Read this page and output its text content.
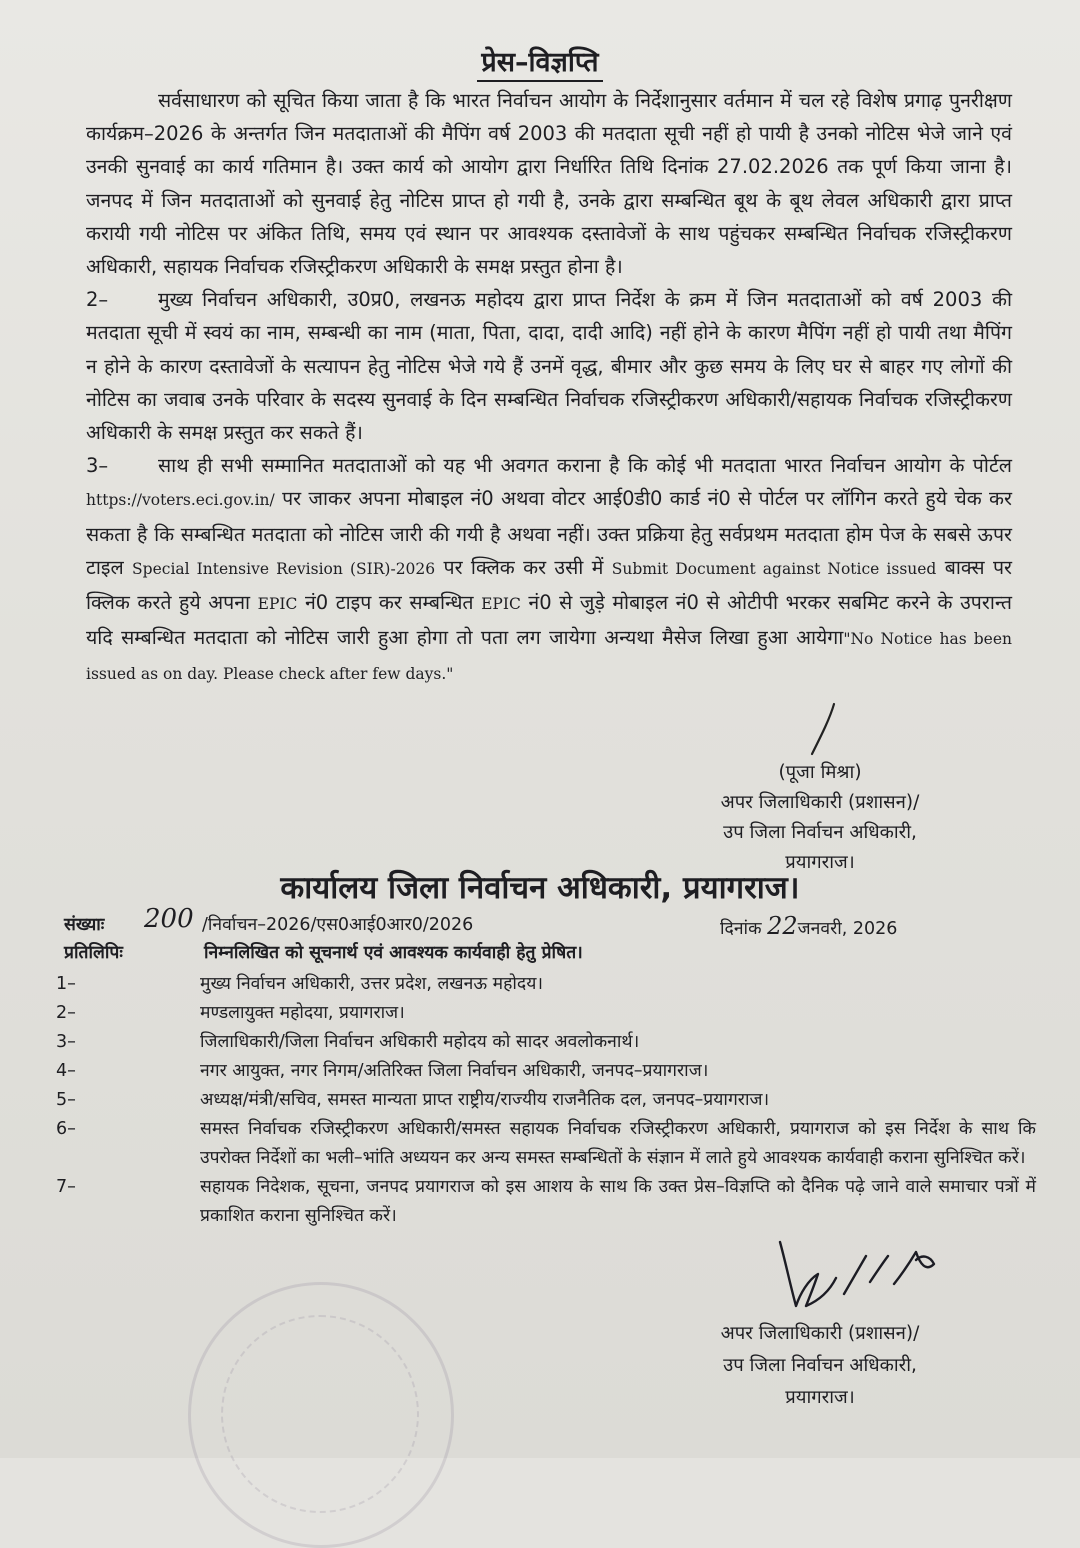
प्रेस–विज्ञप्ति

सर्वसाधारण को सूचित किया जाता है कि भारत निर्वाचन आयोग के निर्देशानुसार वर्तमान में चल रहे विशेष प्रगाढ़ पुनरीक्षण कार्यक्रम–2026 के अन्तर्गत जिन मतदाताओं की मैपिंग वर्ष 2003 की मतदाता सूची नहीं हो पायी है उनको नोटिस भेजे जाने एवं उनकी सुनवाई का कार्य गतिमान है। उक्त कार्य को आयोग द्वारा निर्धारित तिथि दिनांक 27.02.2026 तक पूर्ण किया जाना है। जनपद में जिन मतदाताओं को सुनवाई हेतु नोटिस प्राप्त हो गयी है, उनके द्वारा सम्बन्धित बूथ के बूथ लेवल अधिकारी द्वारा प्राप्त करायी गयी नोटिस पर अंकित तिथि, समय एवं स्थान पर आवश्यक दस्तावेजों के साथ पहुंचकर सम्बन्धित निर्वाचक रजिस्ट्रीकरण अधिकारी, सहायक निर्वाचक रजिस्ट्रीकरण अधिकारी के समक्ष प्रस्तुत होना है।

2–	मुख्य निर्वाचन अधिकारी, उ0प्र0, लखनऊ महोदय द्वारा प्राप्त निर्देश के क्रम में जिन मतदाताओं को वर्ष 2003 की मतदाता सूची में स्वयं का नाम, सम्बन्धी का नाम (माता, पिता, दादा, दादी आदि) नहीं होने के कारण मैपिंग नहीं हो पायी तथा मैपिंग न होने के कारण दस्तावेजों के सत्यापन हेतु नोटिस भेजे गये हैं उनमें वृद्ध, बीमार और कुछ समय के लिए घर से बाहर गए लोगों की नोटिस का जवाब उनके परिवार के सदस्य सुनवाई के दिन सम्बन्धित निर्वाचक रजिस्ट्रीकरण अधिकारी/सहायक निर्वाचक रजिस्ट्रीकरण अधिकारी के समक्ष प्रस्तुत कर सकते हैं।

3–	साथ ही सभी सम्मानित मतदाताओं को यह भी अवगत कराना है कि कोई भी मतदाता भारत निर्वाचन आयोग के पोर्टल https://voters.eci.gov.in/ पर जाकर अपना मोबाइल नं0 अथवा वोटर आई0डी0 कार्ड नं0 से पोर्टल पर लॉगिन करते हुये चेक कर सकता है कि सम्बन्धित मतदाता को नोटिस जारी की गयी है अथवा नहीं। उक्त प्रक्रिया हेतु सर्वप्रथम मतदाता होम पेज के सबसे ऊपर टाइल Special Intensive Revision (SIR)-2026 पर क्लिक कर उसी में Submit Document against Notice issued बाक्स पर क्लिक करते हुये अपना EPIC नं0 टाइप कर सम्बन्धित EPIC नं0 से जुड़े मोबाइल नं0 से ओटीपी भरकर सबमिट करने के उपरान्त यदि सम्बन्धित मतदाता को नोटिस जारी हुआ होगा तो पता लग जायेगा अन्यथा मैसेज लिखा हुआ आयेगा"No Notice has been issued as on day. Please check after few days."

(पूजा मिश्रा)
अपर जिलाधिकारी (प्रशासन)/
उप जिला निर्वाचन अधिकारी,
प्रयागराज।
कार्यालय जिला निर्वाचन अधिकारी, प्रयागराज।
संख्याः 200 /निर्वाचन–2026/एस0आई0आर0/2026	दिनांक 22जनवरी, 2026
प्रतिलिपिः	निम्नलिखित को सूचनार्थ एवं आवश्यक कार्यवाही हेतु प्रेषित।
1–	मुख्य निर्वाचन अधिकारी, उत्तर प्रदेश, लखनऊ महोदय।
2–	मण्डलायुक्त महोदया, प्रयागराज।
3–	जिलाधिकारी/जिला निर्वाचन अधिकारी महोदय को सादर अवलोकनार्थ।
4–	नगर आयुक्त, नगर निगम/अतिरिक्त जिला निर्वाचन अधिकारी, जनपद–प्रयागराज।
5–	अध्यक्ष/मंत्री/सचिव, समस्त मान्यता प्राप्त राष्ट्रीय/राज्यीय राजनैतिक दल, जनपद–प्रयागराज।
6–	समस्त निर्वाचक रजिस्ट्रीकरण अधिकारी/समस्त सहायक निर्वाचक रजिस्ट्रीकरण अधिकारी, प्रयागराज को इस निर्देश के साथ कि उपरोक्त निर्देशों का भली–भांति अध्ययन कर अन्य समस्त सम्बन्धितों के संज्ञान में लाते हुये आवश्यक कार्यवाही कराना सुनिश्चित करें।
7–	सहायक निदेशक, सूचना, जनपद प्रयागराज को इस आशय के साथ कि उक्त प्रेस–विज्ञप्ति को दैनिक पढ़े जाने वाले समाचार पत्रों में प्रकाशित कराना सुनिश्चित करें।
अपर जिलाधिकारी (प्रशासन)/
उप जिला निर्वाचन अधिकारी,
प्रयागराज।
